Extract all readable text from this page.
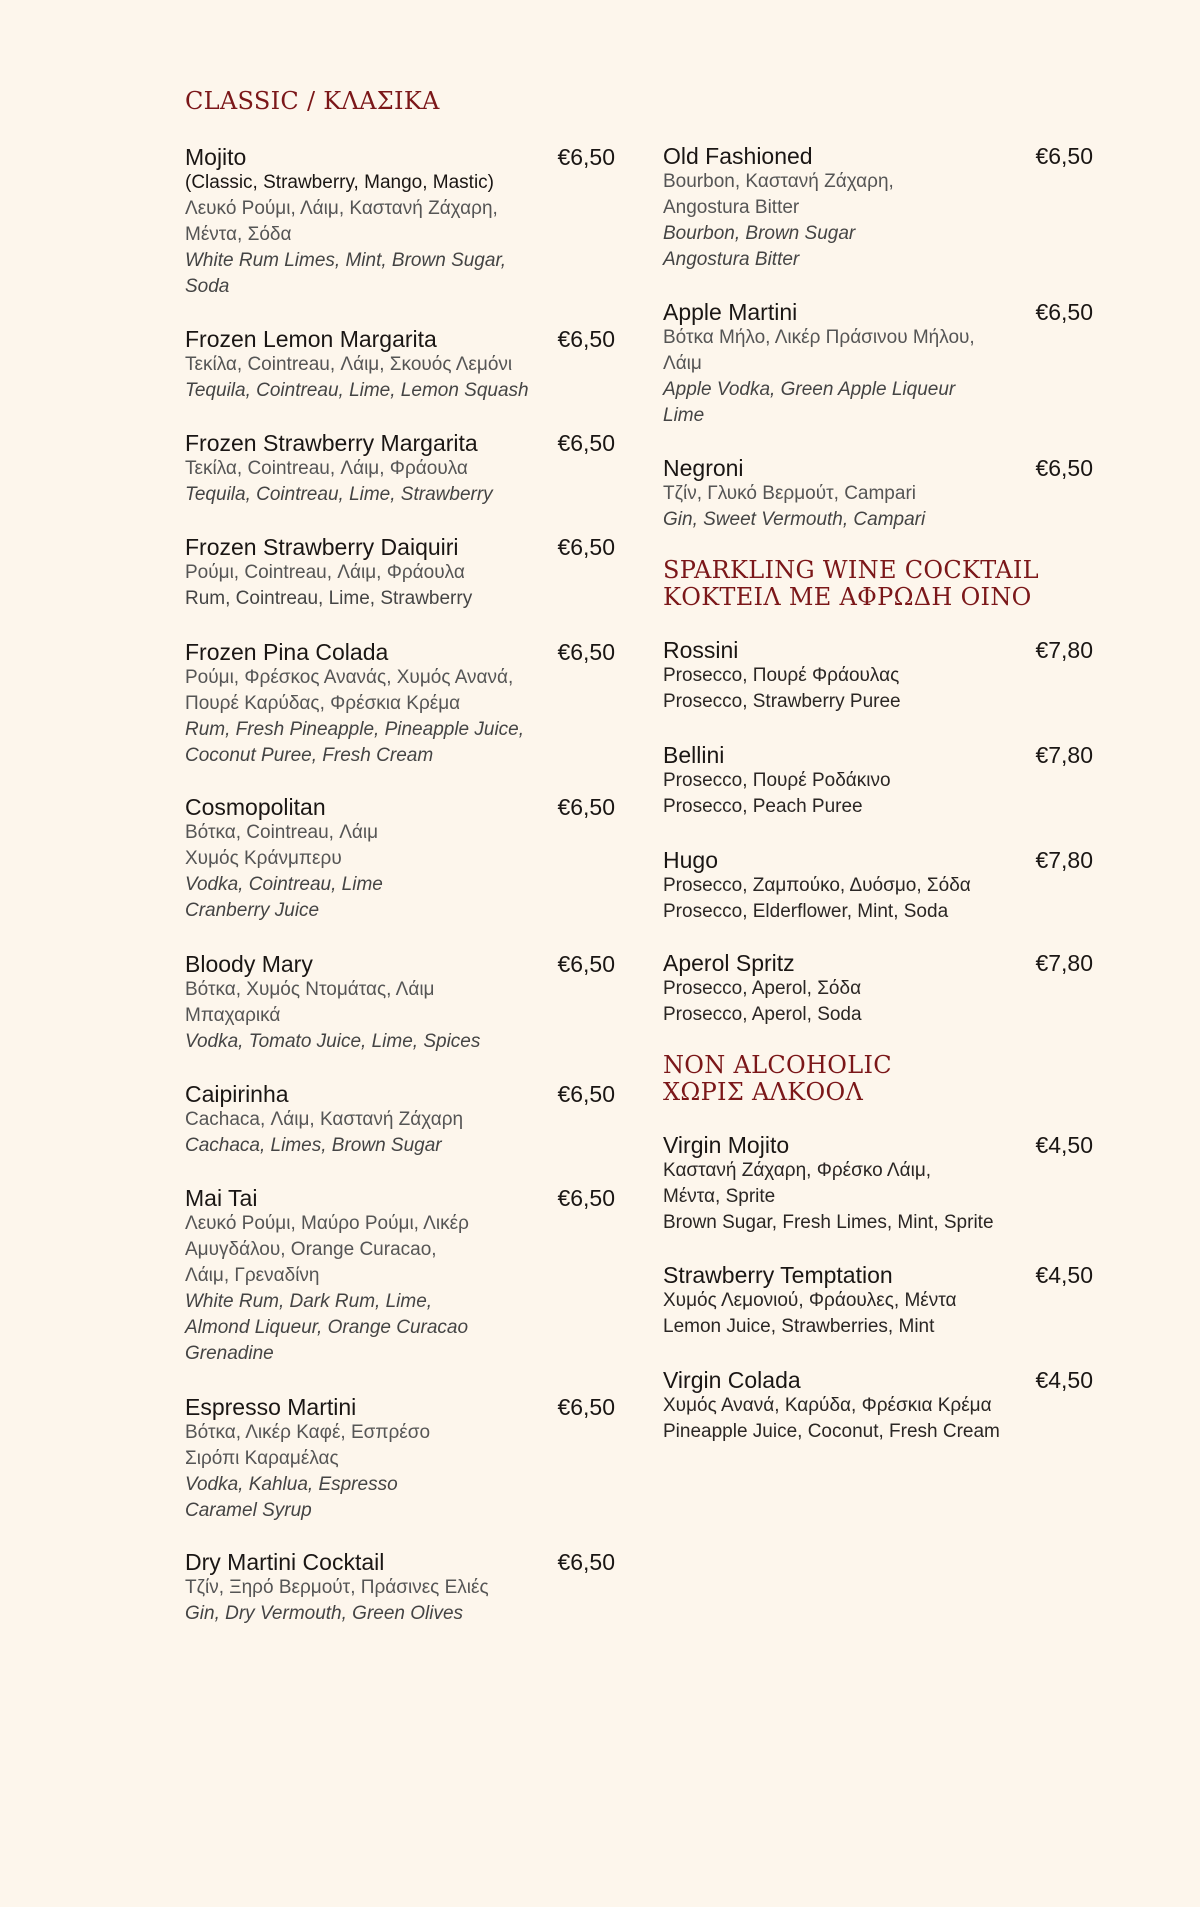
CLASSIC / ΚΛΑΣΙΚΑ
Mojito	€6,50
(Classic, Strawberry, Mango, Mastic)
Λευκό Ρούμι, Λάιμ, Καστανή Ζάχαρη,
Μέντα, Σόδα
White Rum Limes, Mint, Brown Sugar,
Soda
Frozen Lemon Margarita	€6,50
Τεκίλα, Cointreau, Λάιμ, Σκουός Λεμόνι
Tequila, Cointreau, Lime, Lemon Squash
Frozen Strawberry Margarita	€6,50
Τεκίλα, Cointreau, Λάιμ, Φράουλα
Tequila, Cointreau, Lime, Strawberry
Frozen Strawberry Daiquiri	€6,50
Ρούμι, Cointreau, Λάιμ, Φράουλα
Rum, Cointreau, Lime, Strawberry
Frozen Pina Colada	€6,50
Ρούμι, Φρέσκος Ανανάς, Χυμός Ανανά,
Πουρέ Καρύδας, Φρέσκια Κρέμα
Rum, Fresh Pineapple, Pineapple Juice,
Coconut Puree, Fresh Cream
Cosmopolitan	€6,50
Βότκα, Cointreau, Λάιμ
Χυμός Κράνμπερυ
Vodka, Cointreau, Lime
Cranberry Juice
Bloody Mary	€6,50
Βότκα, Χυμός Ντομάτας, Λάιμ
Μπαχαρικά
Vodka, Tomato Juice, Lime, Spices
Caipirinha	€6,50
Cachaca, Λάιμ, Καστανή Ζάχαρη
Cachaca, Limes, Brown Sugar
Mai Tai	€6,50
Λευκό Ρούμι, Μαύρο Ρούμι, Λικέρ
Αμυγδάλου, Orange Curacao,
Λάιμ, Γρεναδίνη
White Rum, Dark Rum, Lime,
Almond Liqueur, Orange Curacao
Grenadine
Espresso Martini	€6,50
Βότκα, Λικέρ Καφέ, Εσπρέσο
Σιρόπι Καραμέλας
Vodka, Kahlua, Espresso
Caramel Syrup
Dry Martini Cocktail	€6,50
Τζίν, Ξηρό Βερμούτ, Πράσινες Ελιές
Gin, Dry Vermouth, Green Olives
Old Fashioned	€6,50
Bourbon, Καστανή Ζάχαρη,
Angostura Bitter
Bourbon, Brown Sugar
Angostura Bitter
Apple Martini	€6,50
Βότκα Μήλο, Λικέρ Πράσινου Μήλου,
Λάιμ
Apple Vodka, Green Apple Liqueur
Lime
Negroni	€6,50
Τζίν, Γλυκό Βερμούτ, Campari
Gin, Sweet Vermouth, Campari
SPARKLING WINE COCKTAIL
ΚΟΚΤΕΙΛ ΜΕ ΑΦΡΩΔΗ ΟΙΝΟ
Rossini	€7,80
Prosecco, Πουρέ Φράουλας
Prosecco, Strawberry Puree
Bellini	€7,80
Prosecco, Πουρέ Ροδάκινο
Prosecco, Peach Puree
Hugo	€7,80
Prosecco, Ζαμπούκο, Δυόσμο, Σόδα
Prosecco, Elderflower, Mint, Soda
Aperol Spritz	€7,80
Prosecco, Aperol, Σόδα
Prosecco, Aperol, Soda
NON ALCOHOLIC
ΧΩΡΙΣ ΑΛΚΟΟΛ
Virgin Mojito	€4,50
Καστανή Ζάχαρη, Φρέσκο Λάιμ,
Μέντα, Sprite
Brown Sugar, Fresh Limes, Mint, Sprite
Strawberry Temptation	€4,50
Χυμός Λεμονιού, Φράουλες, Μέντα
Lemon Juice, Strawberries, Mint
Virgin Colada	€4,50
Χυμός Ανανά, Καρύδα, Φρέσκια Κρέμα
Pineapple Juice, Coconut, Fresh Cream
